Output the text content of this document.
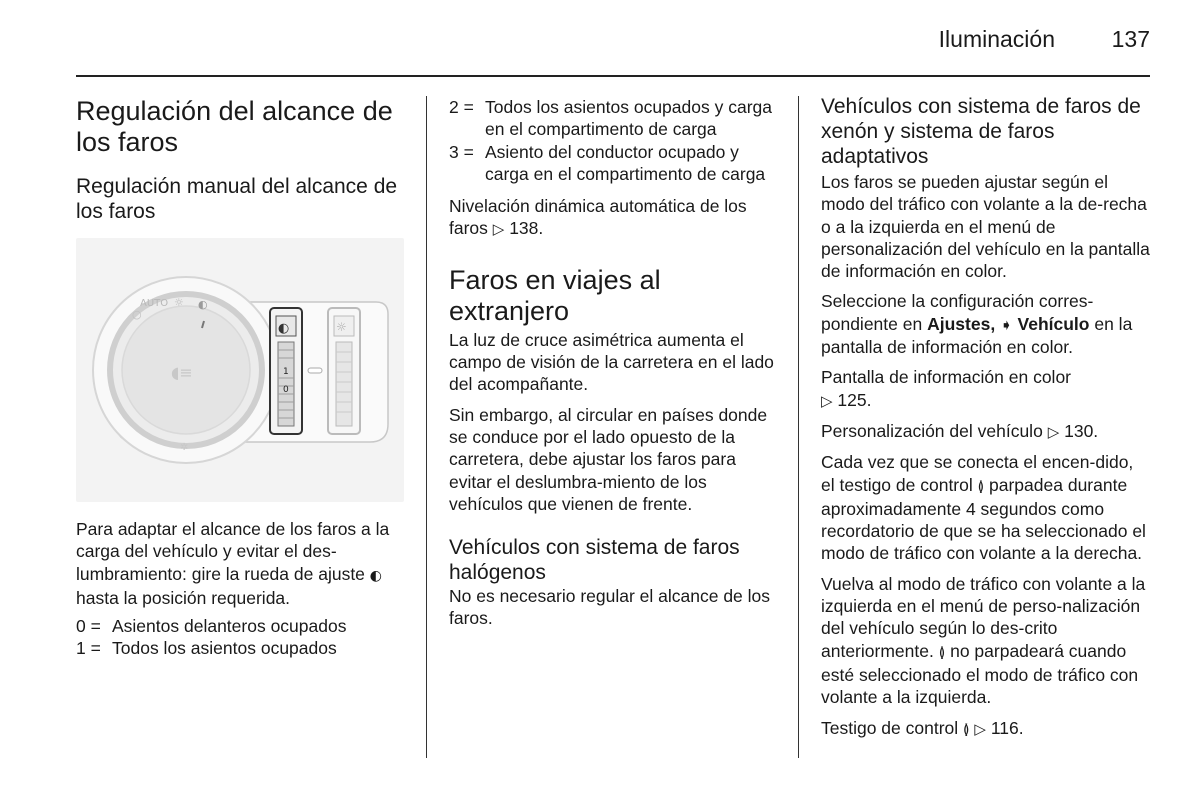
Iluminación	137
Regulación del alcance de los faros
Regulación manual del alcance de los faros
○
AUTO ☼ ◐
◖≡
✲
◐
1
0
☼

Para adaptar el alcance de los faros a la carga del vehículo y evitar el des-lumbramiento: gire la rueda de ajuste ◐ hasta la posición requerida.

0 = Asientos delanteros ocupados
1 = Todos los asientos ocupados
2 = Todos los asientos ocupados y carga en el compartimento de carga
3 = Asiento del conductor ocupado y carga en el compartimento de carga

Nivelación dinámica automática de los faros ▷ 138.

Faros en viajes al extranjero

La luz de cruce asimétrica aumenta el campo de visión de la carretera en el lado del acompañante.

Sin embargo, al circular en países donde se conduce por el lado opuesto de la carretera, debe ajustar los faros para evitar el deslumbra-miento de los vehículos que vienen de frente.

Vehículos con sistema de faros halógenos

No es necesario regular el alcance de los faros.

Vehículos con sistema de faros de xenón y sistema de faros adaptativos

Los faros se pueden ajustar según el modo del tráfico con volante a la de-recha o a la izquierda en el menú de personalización del vehículo en la pantalla de información en color.

Seleccione la configuración corres-pondiente en Ajustes, ➧ Vehículo en la pantalla de información en color.

Pantalla de información en color
▷ 125.

Personalización del vehículo ▷ 130.

Cada vez que se conecta el encen-dido, el testigo de control ≬ parpadea durante aproximadamente 4 segundos como recordatorio de que se ha seleccionado el modo de tráfico con volante a la derecha.

Vuelva al modo de tráfico con volante a la izquierda en el menú de perso-nalización del vehículo según lo des-crito anteriormente. ≬ no parpadeará cuando esté seleccionado el modo de tráfico con volante a la izquierda.

Testigo de control ≬ ▷ 116.
